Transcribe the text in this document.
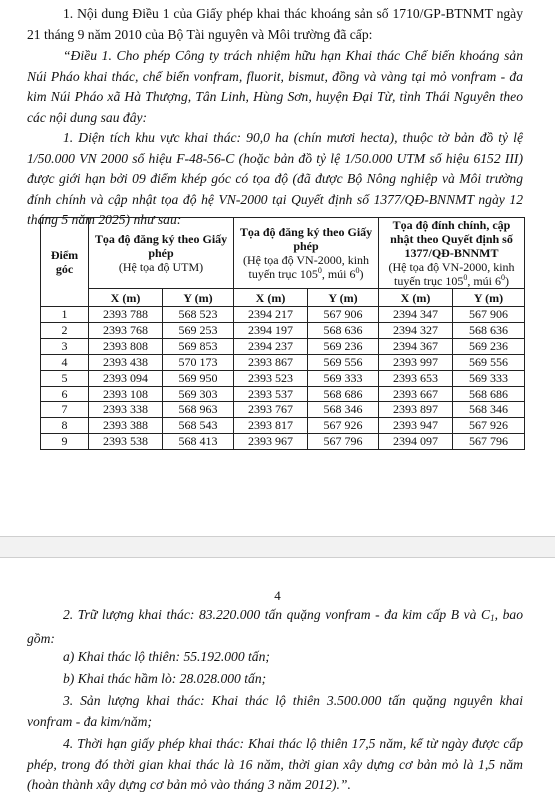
1. Nội dung Điều 1 của Giấy phép khai thác khoáng sản số 1710/GP-BTNMT ngày 21 tháng 9 năm 2010 của Bộ Tài nguyên và Môi trường đã cấp:

“Điều 1. Cho phép Công ty trách nhiệm hữu hạn Khai thác Chế biến khoáng sản Núi Pháo khai thác, chế biến vonfram, fluorit, bismut, đồng và vàng tại mỏ vonfram - đa kim Núi Pháo xã Hà Thượng, Tân Linh, Hùng Sơn, huyện Đại Từ, tỉnh Thái Nguyên theo các nội dung sau đây:

1. Diện tích khu vực khai thác: 90,0 ha (chín mươi hecta), thuộc tờ bản đồ tỷ lệ 1/50.000 VN 2000 số hiệu F-48-56-C (hoặc bản đồ tỷ lệ 1/50.000 UTM số hiệu 6152 III) được giới hạn bởi 09 điểm khép góc có tọa độ (đã được Bộ Nông nghiệp và Môi trường đính chính và cập nhật tọa độ hệ VN-2000 tại Quyết định số 1377/QĐ-BNNMT ngày 12 tháng 5 năm 2025) như sau:

Điểm góc	Tọa độ đăng ký theo Giấy phép
(Hệ tọa độ UTM)		Tọa độ đăng ký theo Giấy phép
(Hệ tọa độ VN-2000, kinh tuyến trục $105^0$, múi $6^0$)		Tọa độ đính chính, cập nhật theo Quyết định số 1377/QĐ-BNNMT
(Hệ tọa độ VN-2000, kinh tuyến trục $105^0$, múi $6^0$)	

	X (m)	Y (m)	X (m)	Y (m)	X (m)	Y (m)
1	2393 788	568 523	2394 217	567 906	2394 347	567 906
2	2393 768	569 253	2394 197	568 636	2394 327	568 636
3	2393 808	569 853	2394 237	569 236	2394 367	569 236
4	2393 438	570 173	2393 867	569 556	2393 997	569 556
5	2393 094	569 950	2393 523	569 333	2393 653	569 333
6	2393 108	569 303	2393 537	568 686	2393 667	568 686
7	2393 338	568 963	2393 767	568 346	2393 897	568 346
8	2393 388	568 543	2393 817	567 926	2393 947	567 926
9	2393 538	568 413	2393 967	567 796	2394 097	567 796
4

2. Trữ lượng khai thác: 83.220.000 tấn quặng vonfram - đa kim cấp B và $C_1$, bao gồm:

a) Khai thác lộ thiên: 55.192.000 tấn;

b) Khai thác hầm lò: 28.028.000 tấn;

3. Sản lượng khai thác: Khai thác lộ thiên 3.500.000 tấn quặng nguyên khai vonfram - đa kim/năm;

4. Thời hạn giấy phép khai thác: Khai thác lộ thiên 17,5 năm, kể từ ngày được cấp phép, trong đó thời gian khai thác là 16 năm, thời gian xây dựng cơ bản mỏ là 1,5 năm (hoàn thành xây dựng cơ bản mỏ vào tháng 3 năm 2012).”.
